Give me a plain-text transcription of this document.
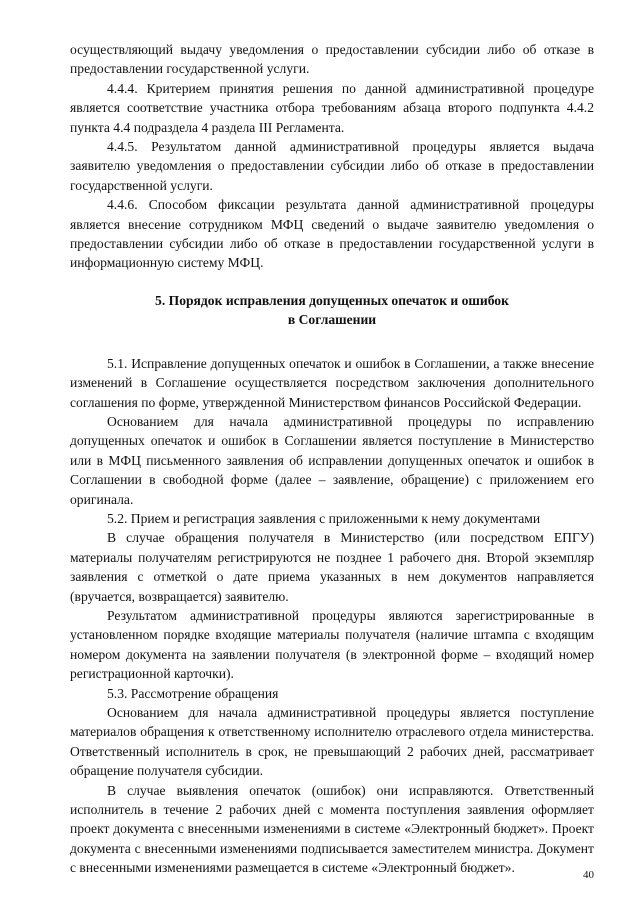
осуществляющий выдачу уведомления о предоставлении субсидии либо об отказе в предоставлении государственной услуги.

4.4.4. Критерием принятия решения по данной административной процедуре является соответствие участника отбора требованиям абзаца второго подпункта 4.4.2 пункта 4.4 подраздела 4 раздела III Регламента.

4.4.5. Результатом данной административной процедуры является выдача заявителю уведомления о предоставлении субсидии либо об отказе в предоставлении государственной услуги.

4.4.6. Способом фиксации результата данной административной процедуры является внесение сотрудником МФЦ сведений о выдаче заявителю уведомления о предоставлении субсидии либо об отказе в предоставлении государственной услуги в информационную систему МФЦ.

5. Порядок исправления допущенных опечаток и ошибок
в Соглашении

5.1. Исправление допущенных опечаток и ошибок в Соглашении, а также внесение изменений в Соглашение осуществляется посредством заключения дополнительного соглашения по форме, утвержденной Министерством финансов Российской Федерации.

Основанием для начала административной процедуры по исправлению допущенных опечаток и ошибок в Соглашении является поступление в Министерство или в МФЦ письменного заявления об исправлении допущенных опечаток и ошибок в Соглашении в свободной форме (далее – заявление, обращение) с приложением его оригинала.

5.2. Прием и регистрация заявления с приложенными к нему документами

В случае обращения получателя в Министерство (или посредством ЕПГУ) материалы получателям регистрируются не позднее 1 рабочего дня. Второй экземпляр заявления с отметкой о дате приема указанных в нем документов направляется (вручается, возвращается) заявителю.

Результатом административной процедуры являются зарегистрированные в установленном порядке входящие материалы получателя (наличие штампа с входящим номером документа на заявлении получателя (в электронной форме – входящий номер регистрационной карточки).

5.3. Рассмотрение обращения

Основанием для начала административной процедуры является поступление материалов обращения к ответственному исполнителю отраслевого отдела министерства. Ответственный исполнитель в срок, не превышающий 2 рабочих дней, рассматривает обращение получателя субсидии.

В случае выявления опечаток (ошибок) они исправляются. Ответственный исполнитель в течение 2 рабочих дней с момента поступления заявления оформляет проект документа с внесенными изменениями в системе «Электронный бюджет». Проект документа с внесенными изменениями подписывается заместителем министра. Документ с внесенными изменениями размещается в системе «Электронный бюджет».	40
